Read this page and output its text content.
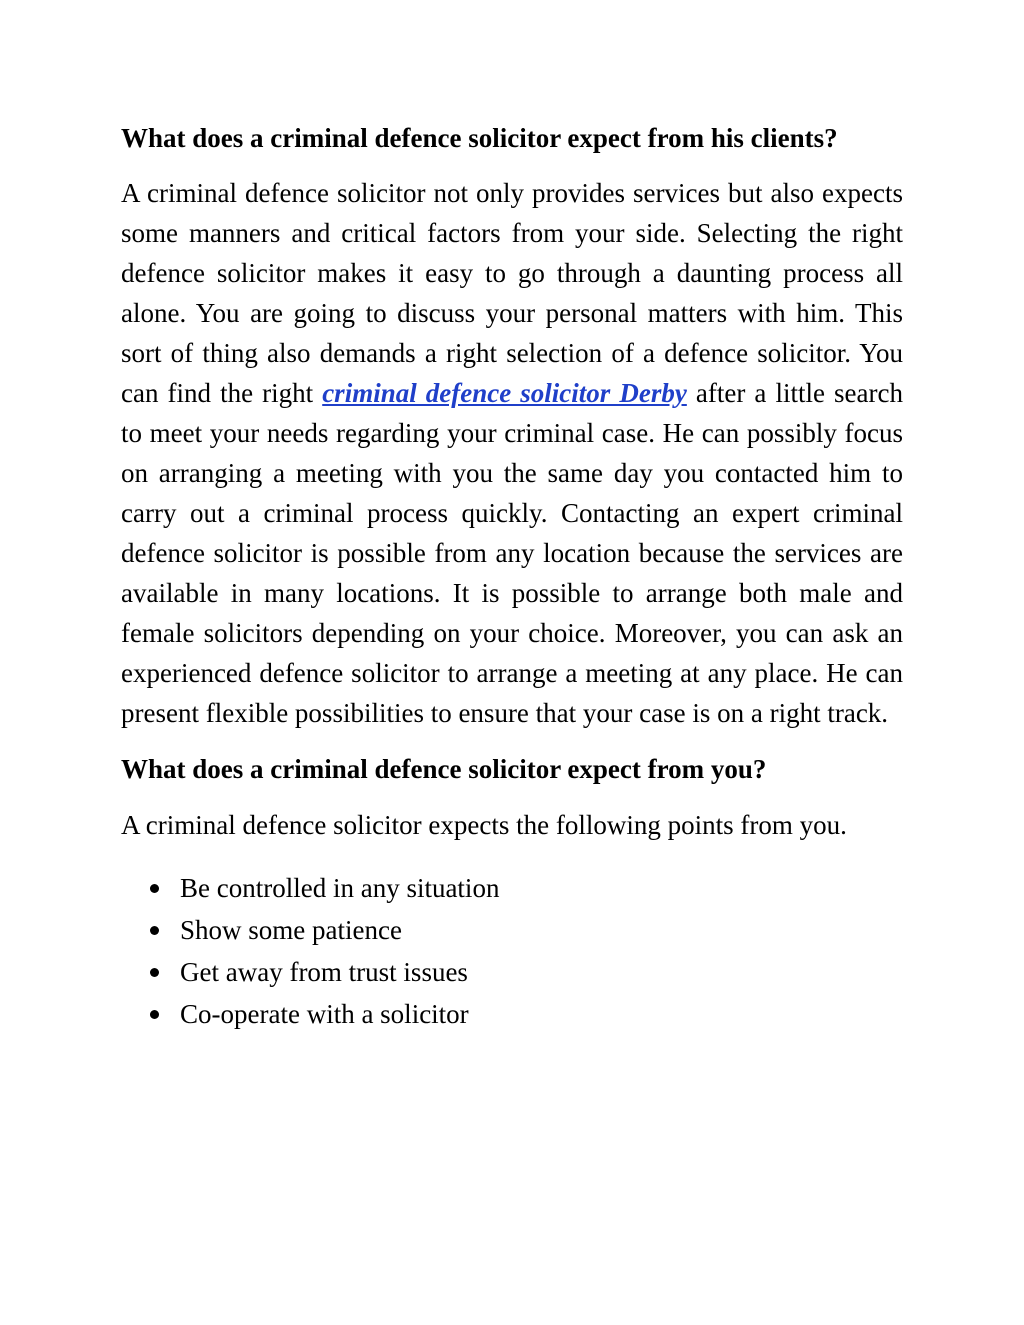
What does a criminal defence solicitor expect from his clients?

A criminal defence solicitor not only provides services but also expects some manners and critical factors from your side. Selecting the right defence solicitor makes it easy to go through a daunting process all alone. You are going to discuss your personal matters with him. This sort of thing also demands a right selection of a defence solicitor. You can find the right criminal defence solicitor Derby after a little search to meet your needs regarding your criminal case. He can possibly focus on arranging a meeting with you the same day you contacted him to carry out a criminal process quickly. Contacting an expert criminal defence solicitor is possible from any location because the services are available in many locations. It is possible to arrange both male and female solicitors depending on your choice. Moreover, you can ask an experienced defence solicitor to arrange a meeting at any place. He can present flexible possibilities to ensure that your case is on a right track.

What does a criminal defence solicitor expect from you?

A criminal defence solicitor expects the following points from you.

Be controlled in any situation
Show some patience
Get away from trust issues
Co-operate with a solicitor
